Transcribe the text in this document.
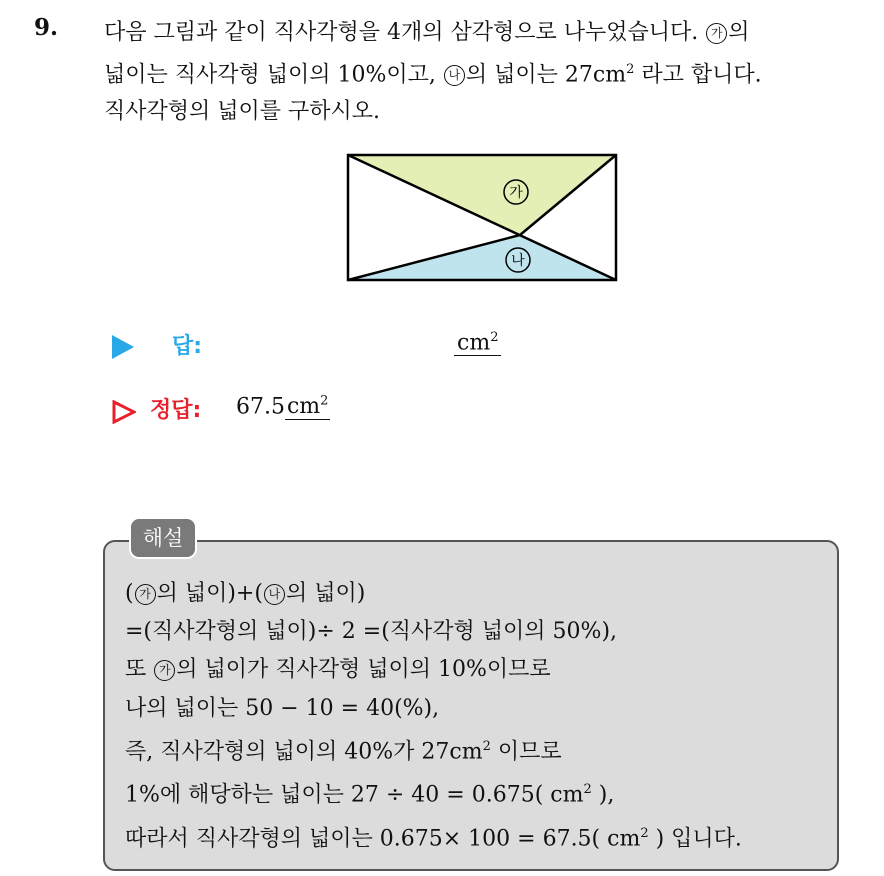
9. 다음 그림과 같이 직사각형을 4개의 삼각형으로 나누었습니다. 가 의

넓이는 직사각형 넓이의 10%이고, 나 의 넓이는 $27cm^2$ 라고 합니다.

직사각형의 넓이를 구하시오.

가
나
답:	$cm^2$
정답: $67.5cm^2$
해설

( 가 의 넓이)+( 나 의 넓이)

=(직사각형의 넓이)÷ 2 =(직사각형 넓이의 50%),

또 가 의 넓이가 직사각형 넓이의 10%이므로

나의 넓이는 50 − 10 = 40(%),

즉, 직사각형의 넓이의 40%가 $27cm^2$ 이므로

1%에 해당하는 넓이는 27 ÷ 40 = 0.675( $cm^2$ ),

따라서 직사각형의 넓이는 0.675× 100 = 67.5( $cm^2$ ) 입니다.
